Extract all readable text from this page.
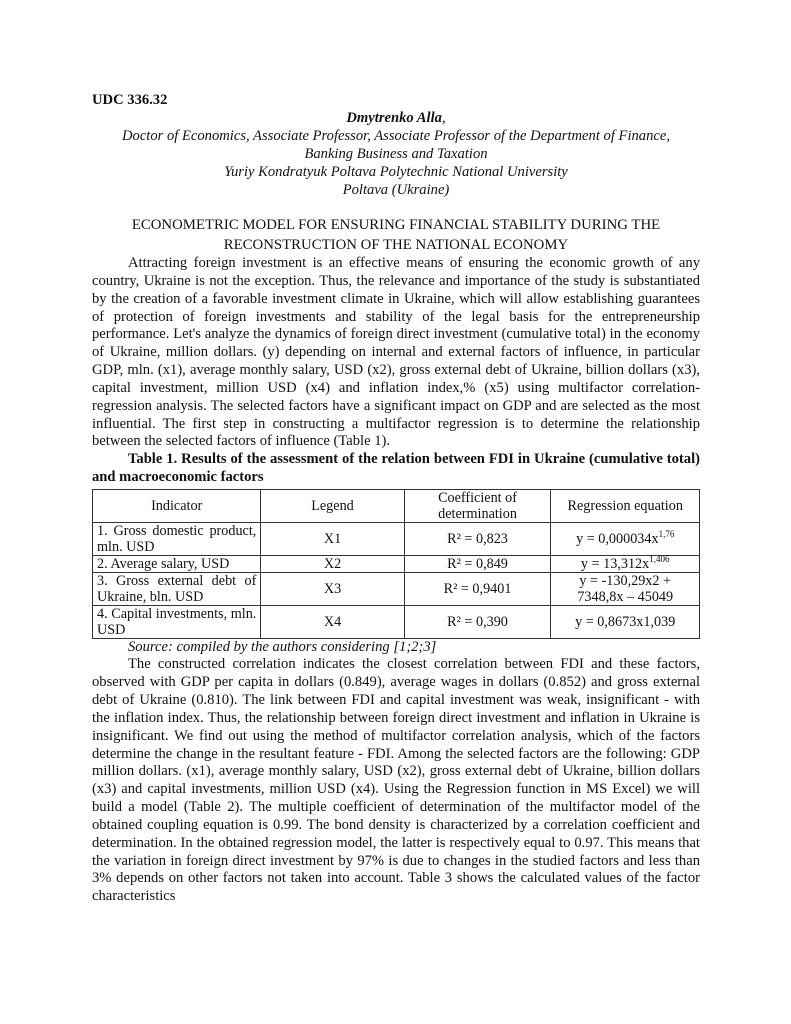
UDC 336.32

Dmytrenko Alla,
Doctor of Economics, Associate Professor, Associate Professor of the Department of Finance,
Banking Business and Taxation
Yuriy Kondratyuk Poltava Polytechnic National University
Poltava (Ukraine)
ECONOMETRIC MODEL FOR ENSURING FINANCIAL STABILITY DURING THE
RECONSTRUCTION OF THE NATIONAL ECONOMY

Attracting foreign investment is an effective means of ensuring the economic growth of any country, Ukraine is not the exception. Thus, the relevance and importance of the study is substantiated by the creation of a favorable investment climate in Ukraine, which will allow establishing guarantees of protection of foreign investments and stability of the legal basis for the entrepreneurship performance. Let's analyze the dynamics of foreign direct investment (cumulative total) in the economy of Ukraine, million dollars. (y) depending on internal and external factors of influence, in particular GDP, mln. (x1), average monthly salary, USD (x2), gross external debt of Ukraine, billion dollars (x3), capital investment, million USD (x4) and inflation index,% (x5) using multifactor correlation-regression analysis. The selected factors have a significant impact on GDP and are selected as the most influential. The first step in constructing a multifactor regression is to determine the relationship between the selected factors of influence (Table 1).

Table 1. Results of the assessment of the relation between FDI in Ukraine (cumulative total) and macroeconomic factors
Indicator	Legend	Coefficient of determination	Regression equation
1. Gross domestic product, mln. USD	X1	R² = 0,823	$y = 0,000034x^{1,76}$
2. Average salary, USD	X2	R² = 0,849	$y = 13,312x^{1,406}$
3. Gross external debt of Ukraine, bln. USD	X3	R² = 0,9401	y = -130,29x2 +
7348,8x – 45049

4. Capital investments, mln. USD	X4	R² = 0,390	y = 0,8673x1,039
Source: compiled by the authors considering [1;2;3]

The constructed correlation indicates the closest correlation between FDI and these factors, observed with GDP per capita in dollars (0.849), average wages in dollars (0.852) and gross external debt of Ukraine (0.810). The link between FDI and capital investment was weak, insignificant - with the inflation index. Thus, the relationship between foreign direct investment and inflation in Ukraine is insignificant. We find out using the method of multifactor correlation analysis, which of the factors determine the change in the resultant feature - FDI. Among the selected factors are the following: GDP million dollars. (x1), average monthly salary, USD (x2), gross external debt of Ukraine, billion dollars (x3) and capital investments, million USD (x4). Using the Regression function in MS Excel) we will build a model (Table 2). The multiple coefficient of determination of the multifactor model of the obtained coupling equation is 0.99. The bond density is characterized by a correlation coefficient and determination. In the obtained regression model, the latter is respectively equal to 0.97. This means that the variation in foreign direct investment by 97% is due to changes in the studied factors and less than 3% depends on other factors not taken into account. Table 3 shows the calculated values of the factor characteristics
